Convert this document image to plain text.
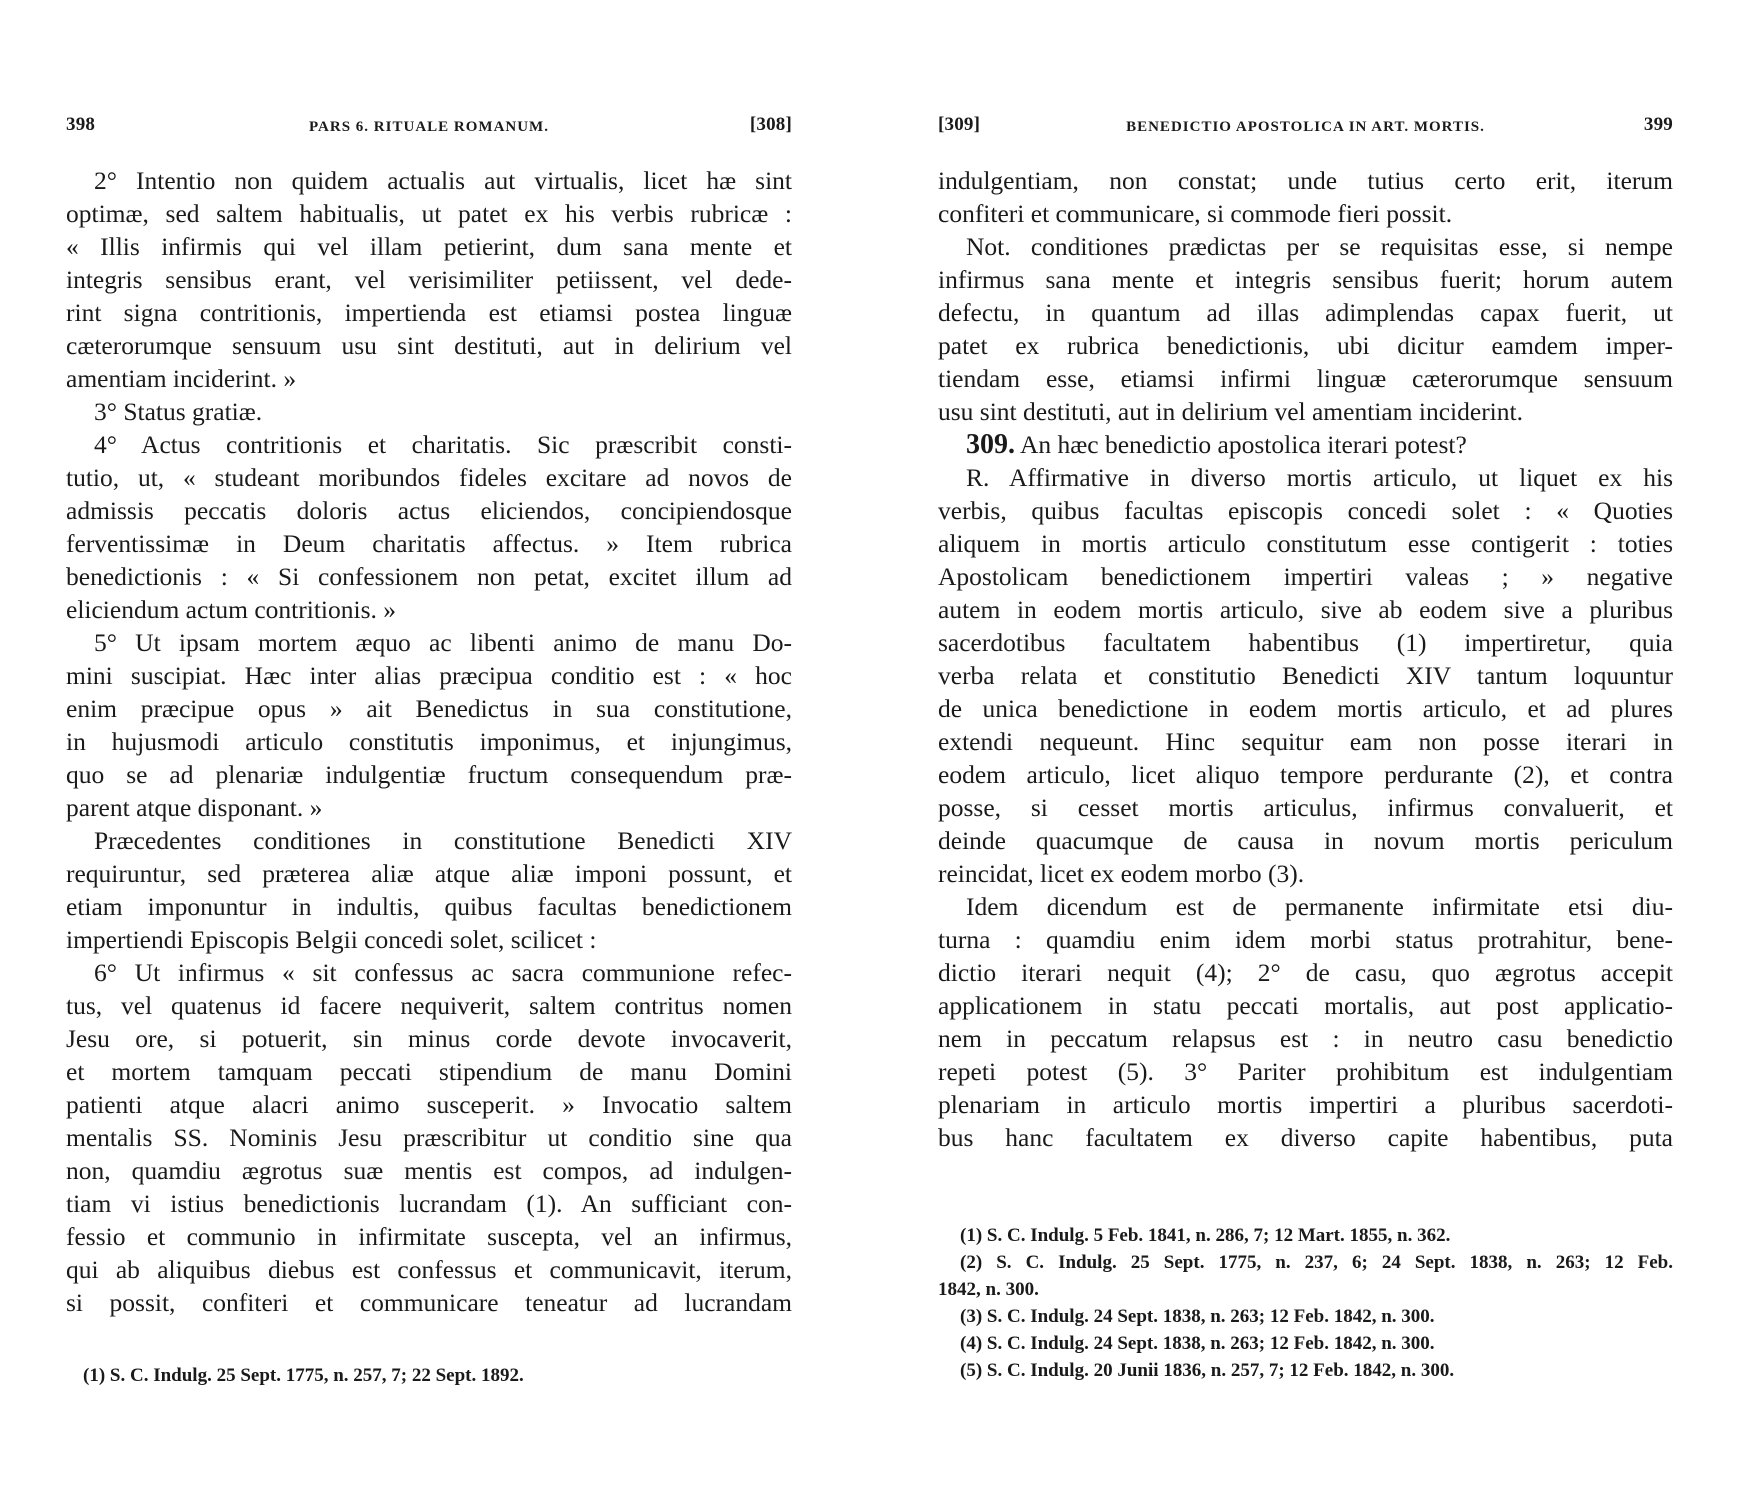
398	PARS 6. RITUALE ROMANUM.	[308]
2° Intentio non quidem actualis aut virtualis, licet hæ sint
optimæ, sed saltem habitualis, ut patet ex his verbis rubricæ :
« Illis infirmis qui vel illam petierint, dum sana mente et
integris sensibus erant, vel verisimiliter petiissent, vel dede-
rint signa contritionis, impertienda est etiamsi postea linguæ
cæterorumque sensuum usu sint destituti, aut in delirium vel
amentiam inciderint. »
3° Status gratiæ.
4° Actus contritionis et charitatis. Sic præscribit consti-
tutio, ut, « studeant moribundos fideles excitare ad novos de
admissis peccatis doloris actus eliciendos, concipiendosque
ferventissimæ in Deum charitatis affectus. » Item rubrica
benedictionis : « Si confessionem non petat, excitet illum ad
eliciendum actum contritionis. »
5° Ut ipsam mortem æquo ac libenti animo de manu Do-
mini suscipiat. Hæc inter alias præcipua conditio est : « hoc
enim præcipue opus » ait Benedictus in sua constitutione,
in hujusmodi articulo constitutis imponimus, et injungimus,
quo se ad plenariæ indulgentiæ fructum consequendum præ-
parent atque disponant. »
Præcedentes conditiones in constitutione Benedicti XIV
requiruntur, sed præterea aliæ atque aliæ imponi possunt, et
etiam imponuntur in indultis, quibus facultas benedictionem
impertiendi Episcopis Belgii concedi solet, scilicet :
6° Ut infirmus « sit confessus ac sacra communione refec-
tus, vel quatenus id facere nequiverit, saltem contritus nomen
Jesu ore, si potuerit, sin minus corde devote invocaverit,
et mortem tamquam peccati stipendium de manu Domini
patienti atque alacri animo susceperit. » Invocatio saltem
mentalis SS. Nominis Jesu præscribitur ut conditio sine qua
non, quamdiu ægrotus suæ mentis est compos, ad indulgen-
tiam vi istius benedictionis lucrandam (1). An sufficiant con-
fessio et communio in infirmitate suscepta, vel an infirmus,
qui ab aliquibus diebus est confessus et communicavit, iterum,
si possit, confiteri et communicare teneatur ad lucrandam
(1) S. C. Indulg. 25 Sept. 1775, n. 257, 7; 22 Sept. 1892.
[309]	BENEDICTIO APOSTOLICA IN ART. MORTIS.	399
indulgentiam, non constat; unde tutius certo erit, iterum
confiteri et communicare, si commode fieri possit.
Not. conditiones prædictas per se requisitas esse, si nempe
infirmus sana mente et integris sensibus fuerit; horum autem
defectu, in quantum ad illas adimplendas capax fuerit, ut
patet ex rubrica benedictionis, ubi dicitur eamdem imper-
tiendam esse, etiamsi infirmi linguæ cæterorumque sensuum
usu sint destituti, aut in delirium vel amentiam inciderint.
309. An hæc benedictio apostolica iterari potest?
R. Affirmative in diverso mortis articulo, ut liquet ex his
verbis, quibus facultas episcopis concedi solet : « Quoties
aliquem in mortis articulo constitutum esse contigerit : toties
Apostolicam benedictionem impertiri valeas ; » negative
autem in eodem mortis articulo, sive ab eodem sive a pluribus
sacerdotibus facultatem habentibus (1) impertiretur, quia
verba relata et constitutio Benedicti XIV tantum loquuntur
de unica benedictione in eodem mortis articulo, et ad plures
extendi nequeunt. Hinc sequitur eam non posse iterari in
eodem articulo, licet aliquo tempore perdurante (2), et contra
posse, si cesset mortis articulus, infirmus convaluerit, et
deinde quacumque de causa in novum mortis periculum
reincidat, licet ex eodem morbo (3).
Idem dicendum est de permanente infirmitate etsi diu-
turna : quamdiu enim idem morbi status protrahitur, bene-
dictio iterari nequit (4); 2° de casu, quo ægrotus accepit
applicationem in statu peccati mortalis, aut post applicatio-
nem in peccatum relapsus est : in neutro casu benedictio
repeti potest (5). 3° Pariter prohibitum est indulgentiam
plenariam in articulo mortis impertiri a pluribus sacerdoti-
bus hanc facultatem ex diverso capite habentibus, puta
(1) S. C. Indulg. 5 Feb. 1841, n. 286, 7; 12 Mart. 1855, n. 362.
(2) S. C. Indulg. 25 Sept. 1775, n. 237, 6; 24 Sept. 1838, n. 263; 12 Feb.
1842, n. 300.
(3) S. C. Indulg. 24 Sept. 1838, n. 263; 12 Feb. 1842, n. 300.
(4) S. C. Indulg. 24 Sept. 1838, n. 263; 12 Feb. 1842, n. 300.
(5) S. C. Indulg. 20 Junii 1836, n. 257, 7; 12 Feb. 1842, n. 300.
